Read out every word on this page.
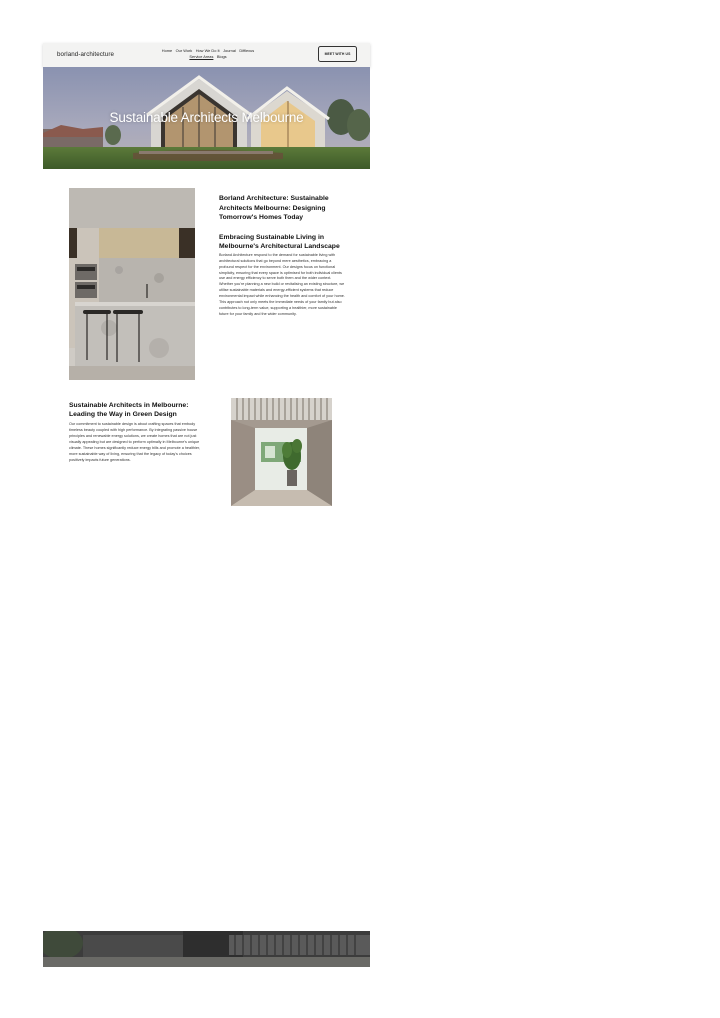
borland-architecture
Home Our Work How We Do It Journal Difflexus
Service Areas Blogs
MEET WITH US
Sustainable Architects Melbourne
Borland Architecture: Sustainable Architects Melbourne: Designing Tomorrow's Homes Today
Embracing Sustainable Living in Melbourne's Architectural Landscape

Borland Architecture respond to the demand for sustainable living with architectural solutions that go beyond mere aesthetics, embracing a profound respect for the environment. Our designs focus on functional simplicity, ensuring that every space is optimised for both individual clients use and energy efficiency to serve both them and the wider context. Whether you're planning a new build or revitalising an existing structure, we utilise sustainable materials and energy-efficient systems that reduce environmental impact while enhancing the health and comfort of your home. This approach not only meets the immediate needs of your family but also contributes to long-term value, supporting a healthier, more sustainable future for your family and the wider community.

Sustainable Architects in Melbourne: Leading the Way in Green Design

Our commitment to sustainable design is about crafting spaces that embody timeless beauty coupled with high performance. By integrating passive house principles and renewable energy solutions, we create homes that are not just visually appealing but are designed to perform optimally in Melbourne's unique climate. These homes significantly reduce energy bills and promote a healthier, more sustainable way of living, ensuring that the legacy of today's choices positively impacts future generations.
